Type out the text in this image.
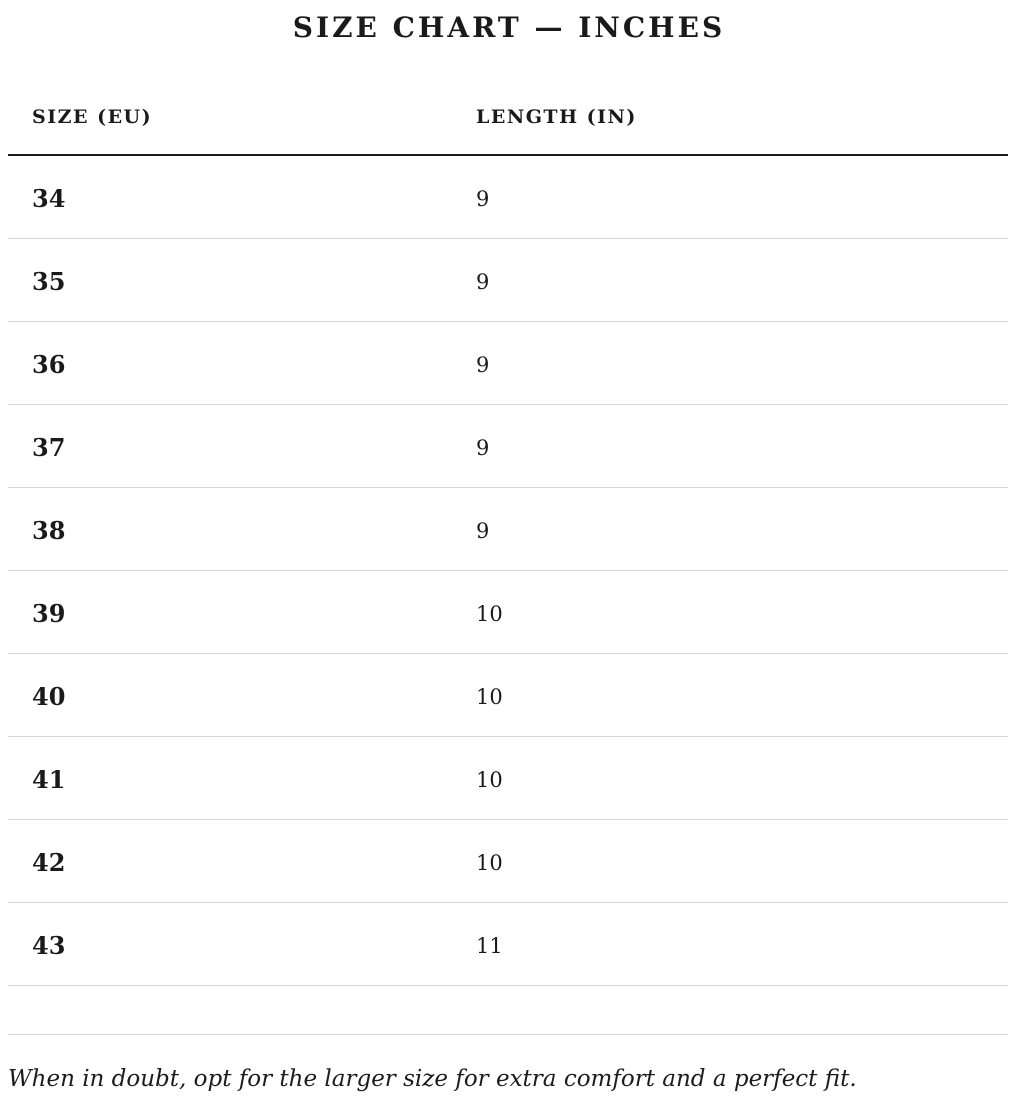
SIZE CHART — INCHES
SIZE (EU)	LENGTH (IN)
34	9
35	9
36	9
37	9
38	9
39	10
40	10
41	10
42	10
43	11
When in doubt, opt for the larger size for extra comfort and a perfect fit.
